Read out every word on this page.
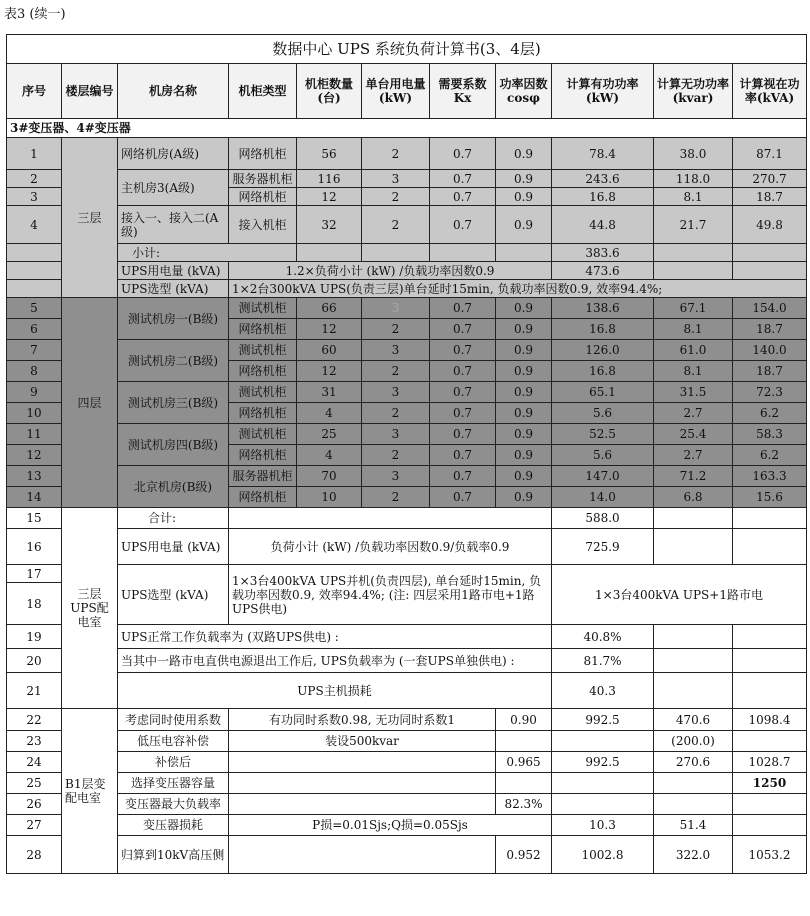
表3 (续一)
数据中心 UPS 系统负荷计算书(3、4层)										
序号	楼层编号	机房名称	机柜类型	机柜数量(台)	单台用电量(kW)	需要系数Kx	功率因数cosφ	计算有功功率(kW)	计算无功功率(kvar)	计算视在功率(kVA)
3#变压器、4#变压器										
1	三层	网络机房(A级)	网络机柜	56	2	0.7	0.9	78.4	38.0	87.1
2		主机房3(A级)	服务器机柜	116	3	0.7	0.9	243.6	118.0	270.7
3			网络机柜	12	2	0.7	0.9	16.8	8.1	18.7
4		接入一、接入二(A级)	接入机柜	32	2	0.7	0.9	44.8	21.7	49.8
		小计:						383.6		
		UPS用电量 (kVA)	1.2×负荷小计 (kW) /负载功率因数0.9					473.6		
		UPS选型 (kVA)	1×2台300kVA UPS(负责三层)单台延时15min, 负载功率因数0.9, 效率94.4%;							
5	四层	测试机房一(B级)	测试机柜	66	3	0.7	0.9	138.6	67.1	154.0
6			网络机柜	12	2	0.7	0.9	16.8	8.1	18.7
7		测试机房二(B级)	测试机柜	60	3	0.7	0.9	126.0	61.0	140.0
8			网络机柜	12	2	0.7	0.9	16.8	8.1	18.7
9		测试机房三(B级)	测试机柜	31	3	0.7	0.9	65.1	31.5	72.3
10			网络机柜	4	2	0.7	0.9	5.6	2.7	6.2
11		测试机房四(B级)	测试机柜	25	3	0.7	0.9	52.5	25.4	58.3
12			网络机柜	4	2	0.7	0.9	5.6	2.7	6.2
13		北京机房(B级)	服务器机柜	70	3	0.7	0.9	147.0	71.2	163.3
14			网络机柜	10	2	0.7	0.9	14.0	6.8	15.6
15	三层UPS配电室	合计:						588.0		
16		UPS用电量 (kVA)	负荷小计 (kW) /负载功率因数0.9/负载率0.9					725.9		
17		UPS选型 (kVA)	1×3台400kVA UPS并机(负责四层), 单台延时15min, 负载功率因数0.9, 效率94.4%; (注: 四层采用1路市电+1路UPS供电)					1×3台400kVA UPS+1路市电		
18										
19		UPS正常工作负载率为 (双路UPS供电) :						40.8%		
20		当其中一路市电直供电源退出工作后, UPS负载率为 (一套UPS单独供电) :						81.7%		
21		UPS主机损耗						40.3		
22	B1层变配电室	考虑同时使用系数	有功同时系数0.98, 无功同时系数1				0.90	992.5	470.6	1098.4
23		低压电容补偿	装设500kvar						(200.0)	
24		补偿后					0.965	992.5	270.6	1028.7
25		选择变压器容量								1250
26		变压器最大负载率					82.3%			
27		变压器损耗	P损=0.01Sjs;Q损=0.05Sjs					10.3	51.4	
28		归算到10kV高压侧					0.952	1002.8	322.0	1053.2
